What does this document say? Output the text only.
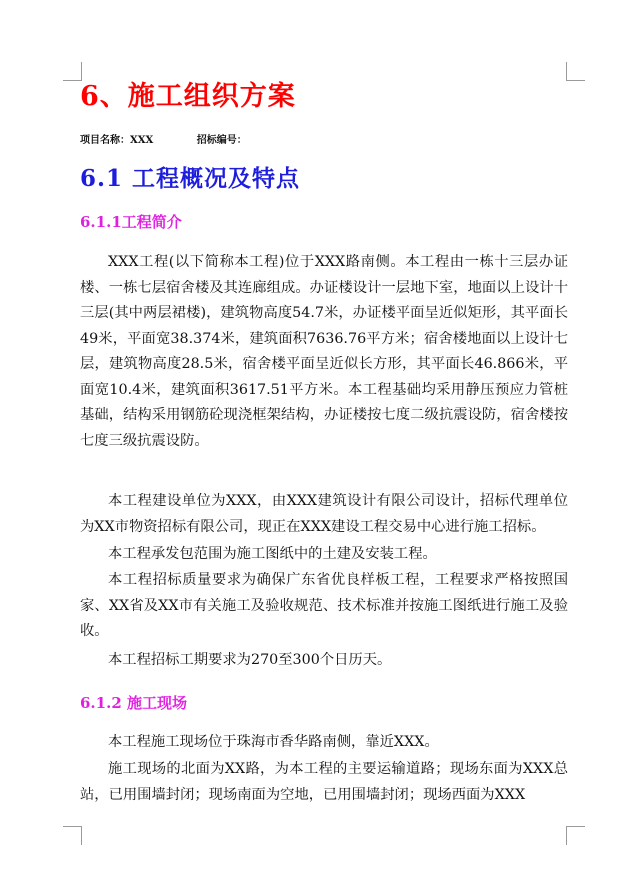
6、施工组织方案
项目名称：XXX	招标编号：
6.1 工程概况及特点
6.1.1工程简介

XXX工程(以下简称本工程)位于XXX路南侧。本工程由一栋十三层办证楼、一栋七层宿舍楼及其连廊组成。办证楼设计一层地下室，地面以上设计十三层(其中两层裙楼)，建筑物高度54.7米，办证楼平面呈近似矩形，其平面长49米，平面宽38.374米，建筑面积7636.76平方米；宿舍楼地面以上设计七层，建筑物高度28.5米，宿舍楼平面呈近似长方形，其平面长46.866米，平面宽10.4米，建筑面积3617.51平方米。本工程基础均采用静压预应力管桩基础，结构采用钢筋砼现浇框架结构，办证楼按七度二级抗震设防，宿舍楼按七度三级抗震设防。

本工程建设单位为XXX，由XXX建筑设计有限公司设计，招标代理单位为XX市物资招标有限公司，现正在XXX建设工程交易中心进行施工招标。

本工程承发包范围为施工图纸中的土建及安装工程。

本工程招标质量要求为确保广东省优良样板工程，工程要求严格按照国家、XX省及XX市有关施工及验收规范、技术标准并按施工图纸进行施工及验收。

本工程招标工期要求为270至300个日历天。

6.1.2 施工现场

本工程施工现场位于珠海市香华路南侧，靠近XXX。

施工现场的北面为XX路，为本工程的主要运输道路；现场东面为XXX总站，已用围墙封闭；现场南面为空地，已用围墙封闭；现场西面为XXX
